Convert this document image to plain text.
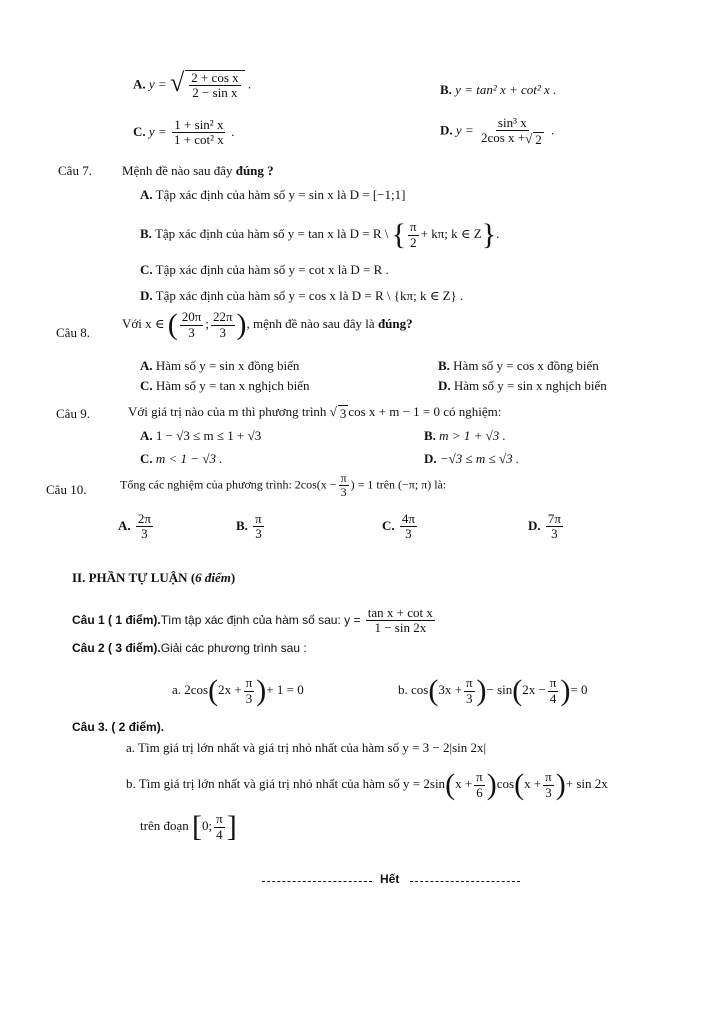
A. y = √ $\frac{\text{2 + cos x}}{\text{2 − sin x}}$ .	B. y = tan² x + cot² x .
C. $y = \frac{\text{1 + sin² x}}{\text{1 + cot² x}}$ .	D. $y = \frac{\text{sin³ x}}{\text{2cos x + √ 2}}$ .
Câu 7. Mệnh đề nào sau đây đúng ?
A. Tập xác định của hàm số y = sin x là D = [−1;1]
B. Tập xác định của hàm số y = tan x là D = R \ { $\frac{\pi}{2} + k\pi$; k ∈ Z}.
C. Tập xác định của hàm số y = cot x là D = R .
D. Tập xác định của hàm số y = cos x là D = R \ {kπ; k ∈ Z} .
Câu 8.
Với x ∈ ( $\frac{20\pi}{3}$ ; $\frac{22\pi}{3}$ ), mệnh đề nào sau đây là đúng?
A. Hàm số y = sin x đồng biến	B. Hàm số y = cos x đồng biến
C. Hàm số y = tan x nghịch biến	D. Hàm số y = sin x nghịch biến
Câu 9.	Với giá trị nào của m thì phương trình √ 3 cos x + m − 1 = 0 có nghiệm:
A. 1 − √3 ≤ m ≤ 1 + √3	B. m > 1 + √3 .
C. m < 1 − √3 .	D. −√3 ≤ m ≤ √3 .
Câu 10.	Tổng các nghiệm của phương trình: $2\cos(x - \frac{\pi}{3}$ ) = 1 trên (−π; π) là:
A. $\frac{2\pi}{3}$	B. $\frac{\pi}{3}$	C. $\frac{4\pi}{3}$	D. $\frac{7\pi}{3}$
II. PHẦN TỰ LUẬN (6 điểm)
Câu 1 ( 1 điểm).Tìm tập xác định của hàm số sau: $y = \frac{\text{tan x + cot x}}{1 - \sin 2x}$
Câu 2 ( 3 điểm).Giải các phương trình sau :
a. $2\cos(2x + \frac{\pi}{3}$ )+ 1 = 0	b. $\cos(3x + \frac{\pi}{3}$ )− $\sin(2x - \frac{\pi}{4}$ )= 0
Câu 3. ( 2 điểm).
a. Tìm giá trị lớn nhất và giá trị nhỏ nhất của hàm số y = 3 − 2|sin 2x|
b. Tìm giá trị lớn nhất và giá trị nhỏ nhất của hàm số $y = 2\sin(x + \frac{\pi}{6} )\cos(x + \frac{\pi}{3}$ )+ sin 2x
trên đoạn [0; $\frac{\pi}{4}$ ]
Hết
